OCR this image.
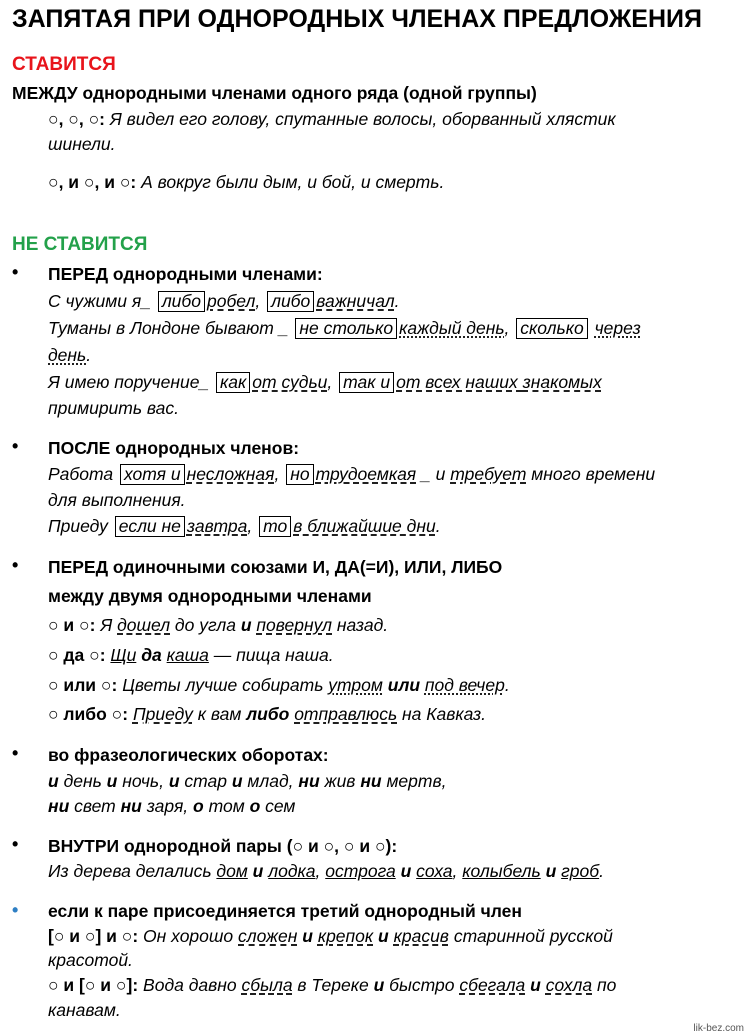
ЗАПЯТАЯ ПРИ ОДНОРОДНЫХ ЧЛЕНАХ ПРЕДЛОЖЕНИЯ
СТАВИТСЯ
МЕЖДУ однородными членами одного ряда (одной группы)
○, ○, ○: Я видел его голову, спутанные волосы, оборванный хлястик
шинели.
○, и ○, и ○: А вокруг были дым, и бой, и смерть.
НЕ СТАВИТСЯ
• ПЕРЕД однородными членами:
С чужими я_ либо робел, либо важничал.
Туманы в Лондоне бывают _ не столько каждый день, сколько через
день.
Я имею поручение_ как от судьи, так и от всех наших знакомых
примирить вас.
• ПОСЛЕ однородных членов:
Работа хотя и несложная, но трудоемкая _ и требует много времени
для выполнения.
Приеду если не завтра, то в ближайшие дни.
• ПЕРЕД одиночными союзами И, ДА(=И), ИЛИ, ЛИБО
между двумя однородными членами
○ и ○: Я дошел до угла и повернул назад.
○ да ○: Щи да каша — пища наша.
○ или ○: Цветы лучше собирать утром или под вечер.
○ либо ○: Приеду к вам либо отправлюсь на Кавказ.
• во фразеологических оборотах:
и день и ночь, и стар и млад, ни жив ни мертв,
ни свет ни заря, о том о сем
• ВНУТРИ однородной пары (○ и ○, ○ и ○):
Из дерева делались дом и лодка, острога и соха, колыбель и гроб.
• если к паре присоединяется третий однородный член
[○ и ○] и ○: Он хорошо сложен и крепок и красив старинной русской
красотой.
○ и [○ и ○]: Вода давно сбыла в Тереке и быстро сбегала и сохла по
канавам.
lik-bez.com
